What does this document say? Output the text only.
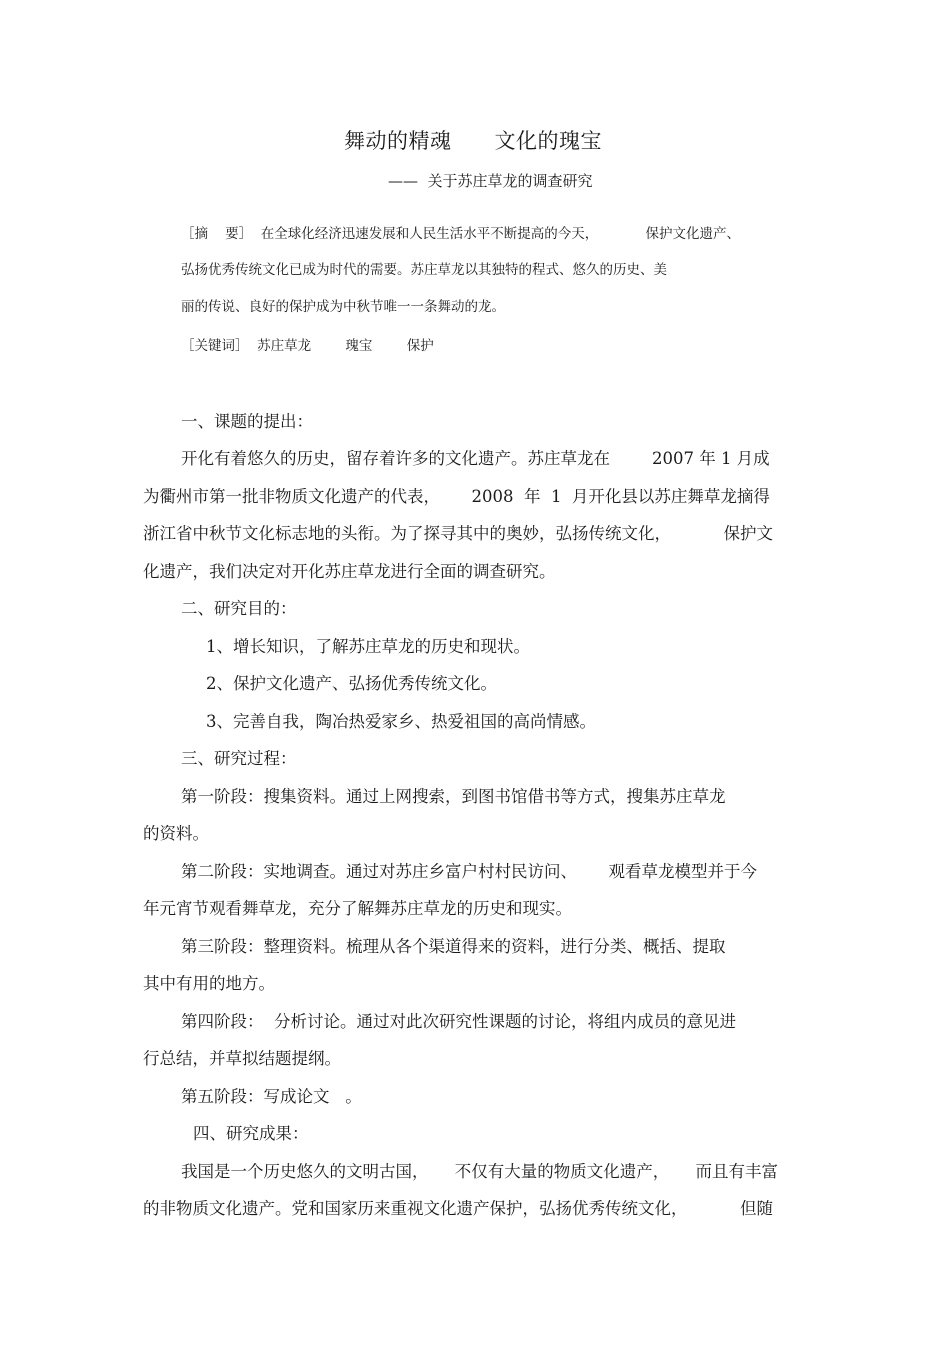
舞动的精魂      文化的瑰宝
——  关于苏庄草龙的调查研究
［摘    要］  在全球化经济迅速发展和人民生活水平不断提高的今天，           保护文化遗产、
弘扬优秀传统文化已成为时代的需要。苏庄草龙以其独特的程式、悠久的历史、美
丽的传说、良好的保护成为中秋节唯一一条舞动的龙。
［关键词］  苏庄草龙        瑰宝        保护
一、课题的提出：
开化有着悠久的历史，留存着许多的文化遗产。苏庄草龙在        2007 年 1 月成
为衢州市第一批非物质文化遗产的代表，      2008  年  1  月开化县以苏庄舞草龙摘得
浙江省中秋节文化标志地的头衔。为了探寻其中的奥妙，弘扬传统文化，          保护文
化遗产，我们决定对开化苏庄草龙进行全面的调查研究。
二、研究目的：
1、增长知识，了解苏庄草龙的历史和现状。
2、保护文化遗产、弘扬优秀传统文化。
3、完善自我，陶冶热爱家乡、热爱祖国的高尚情感。
三、研究过程：
第一阶段：搜集资料。通过上网搜索，到图书馆借书等方式，搜集苏庄草龙
的资料。
第二阶段：实地调查。通过对苏庄乡富户村村民访问、      观看草龙模型并于今
年元宵节观看舞草龙，充分了解舞苏庄草龙的历史和现实。
第三阶段：整理资料。梳理从各个渠道得来的资料，进行分类、概括、提取
其中有用的地方。
第四阶段：  分析讨论。通过对此次研究性课题的讨论，将组内成员的意见进
行总结，并草拟结题提纲。
第五阶段：写成论文   。
四、研究成果：
我国是一个历史悠久的文明古国，     不仅有大量的物质文化遗产，     而且有丰富
的非物质文化遗产。党和国家历来重视文化遗产保护，弘扬优秀传统文化，          但随
